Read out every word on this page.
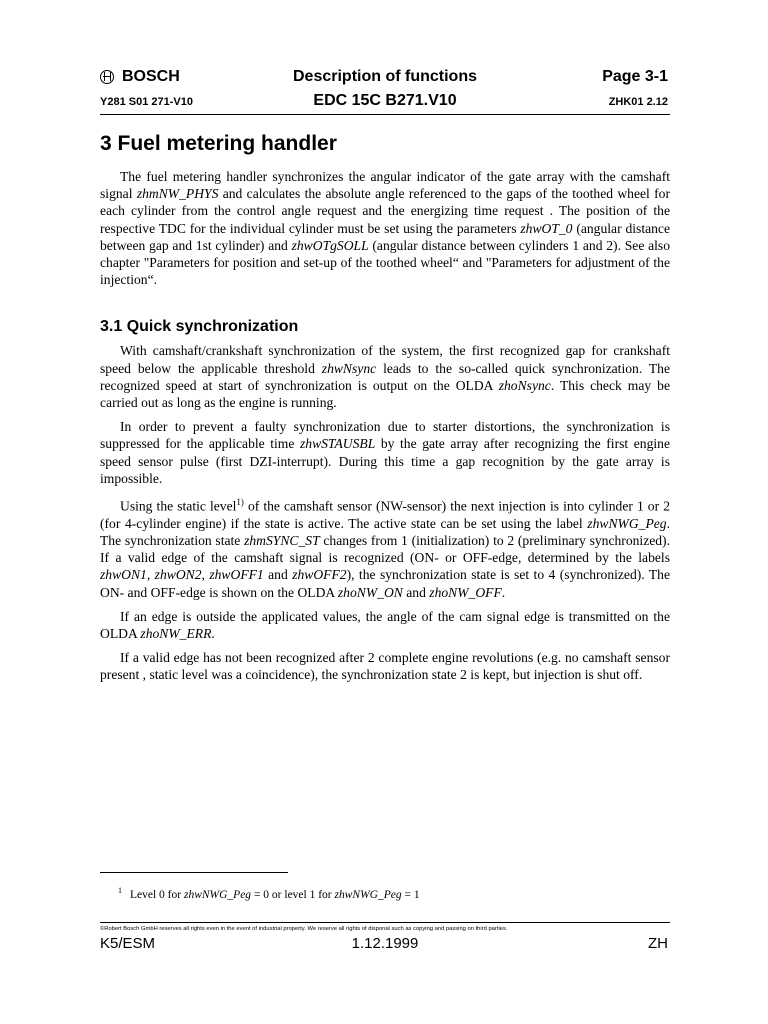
BOSCH	Description of functions	Page 3-1
Y281 S01 271-V10	EDC 15C B271.V10	ZHK01 2.12
3 Fuel metering handler

The fuel metering handler synchronizes the angular indicator of the gate array with the camshaft signal zhmNW_PHYS and calculates the absolute angle referenced to the gaps of the toothed wheel for each cylinder from the control angle request and the energizing time request . The position of the respective TDC for the individual cylinder must be set using the parameters zhwOT_0 (angular distance between gap and 1st cylinder) and zhwOTgSOLL (angular distance between cylinders 1 and 2). See also chapter "Parameters for position and set-up of the toothed wheel“ and "Parameters for adjustment of the injection“.

3.1 Quick synchronization

With camshaft/crankshaft synchronization of the system, the first recognized gap for crankshaft speed below the applicable threshold zhwNsync leads to the so-called quick synchronization. The recognized speed at start of synchronization is output on the OLDA zhoNsync. This check may be carried out as long as the engine is running.

In order to prevent a faulty synchronization due to starter distortions, the synchronization is suppressed for the applicable time zhwSTAUSBL by the gate array after recognizing the first engine speed sensor pulse (first DZI-interrupt). During this time a gap recognition by the gate array is impossible.

Using the static level$^{1)}$ of the camshaft sensor (NW-sensor) the next injection is into cylinder 1 or 2 (for 4-cylinder engine) if the state is active. The active state can be set using the label zhwNWG_Peg. The synchronization state zhmSYNC_ST changes from 1 (initialization) to 2 (preliminary synchronized). If a valid edge of the camshaft signal is recognized (ON- or OFF-edge, determined by the labels zhwON1, zhwON2, zhwOFF1 and zhwOFF2), the synchronization state is set to 4 (synchronized). The ON- and OFF-edge is shown on the OLDA zhoNW_ON and zhoNW_OFF.

If an edge is outside the applicated values, the angle of the cam signal edge is transmitted on the OLDA zhoNW_ERR.

If a valid edge has not been recognized after 2 complete engine revolutions (e.g. no camshaft sensor present , static level was a coincidence), the synchronization state 2 is kept, but injection is shut off.

$^1$ Level 0 for zhwNWG_Peg = 0 or level 1 for zhwNWG_Peg = 1
©Robert Bosch GmbH reserves all rights even in the event of industrial property. We reserve all rights of disponal such as copying and passing on third parties.
K5/ESM	1.12.1999	ZH
